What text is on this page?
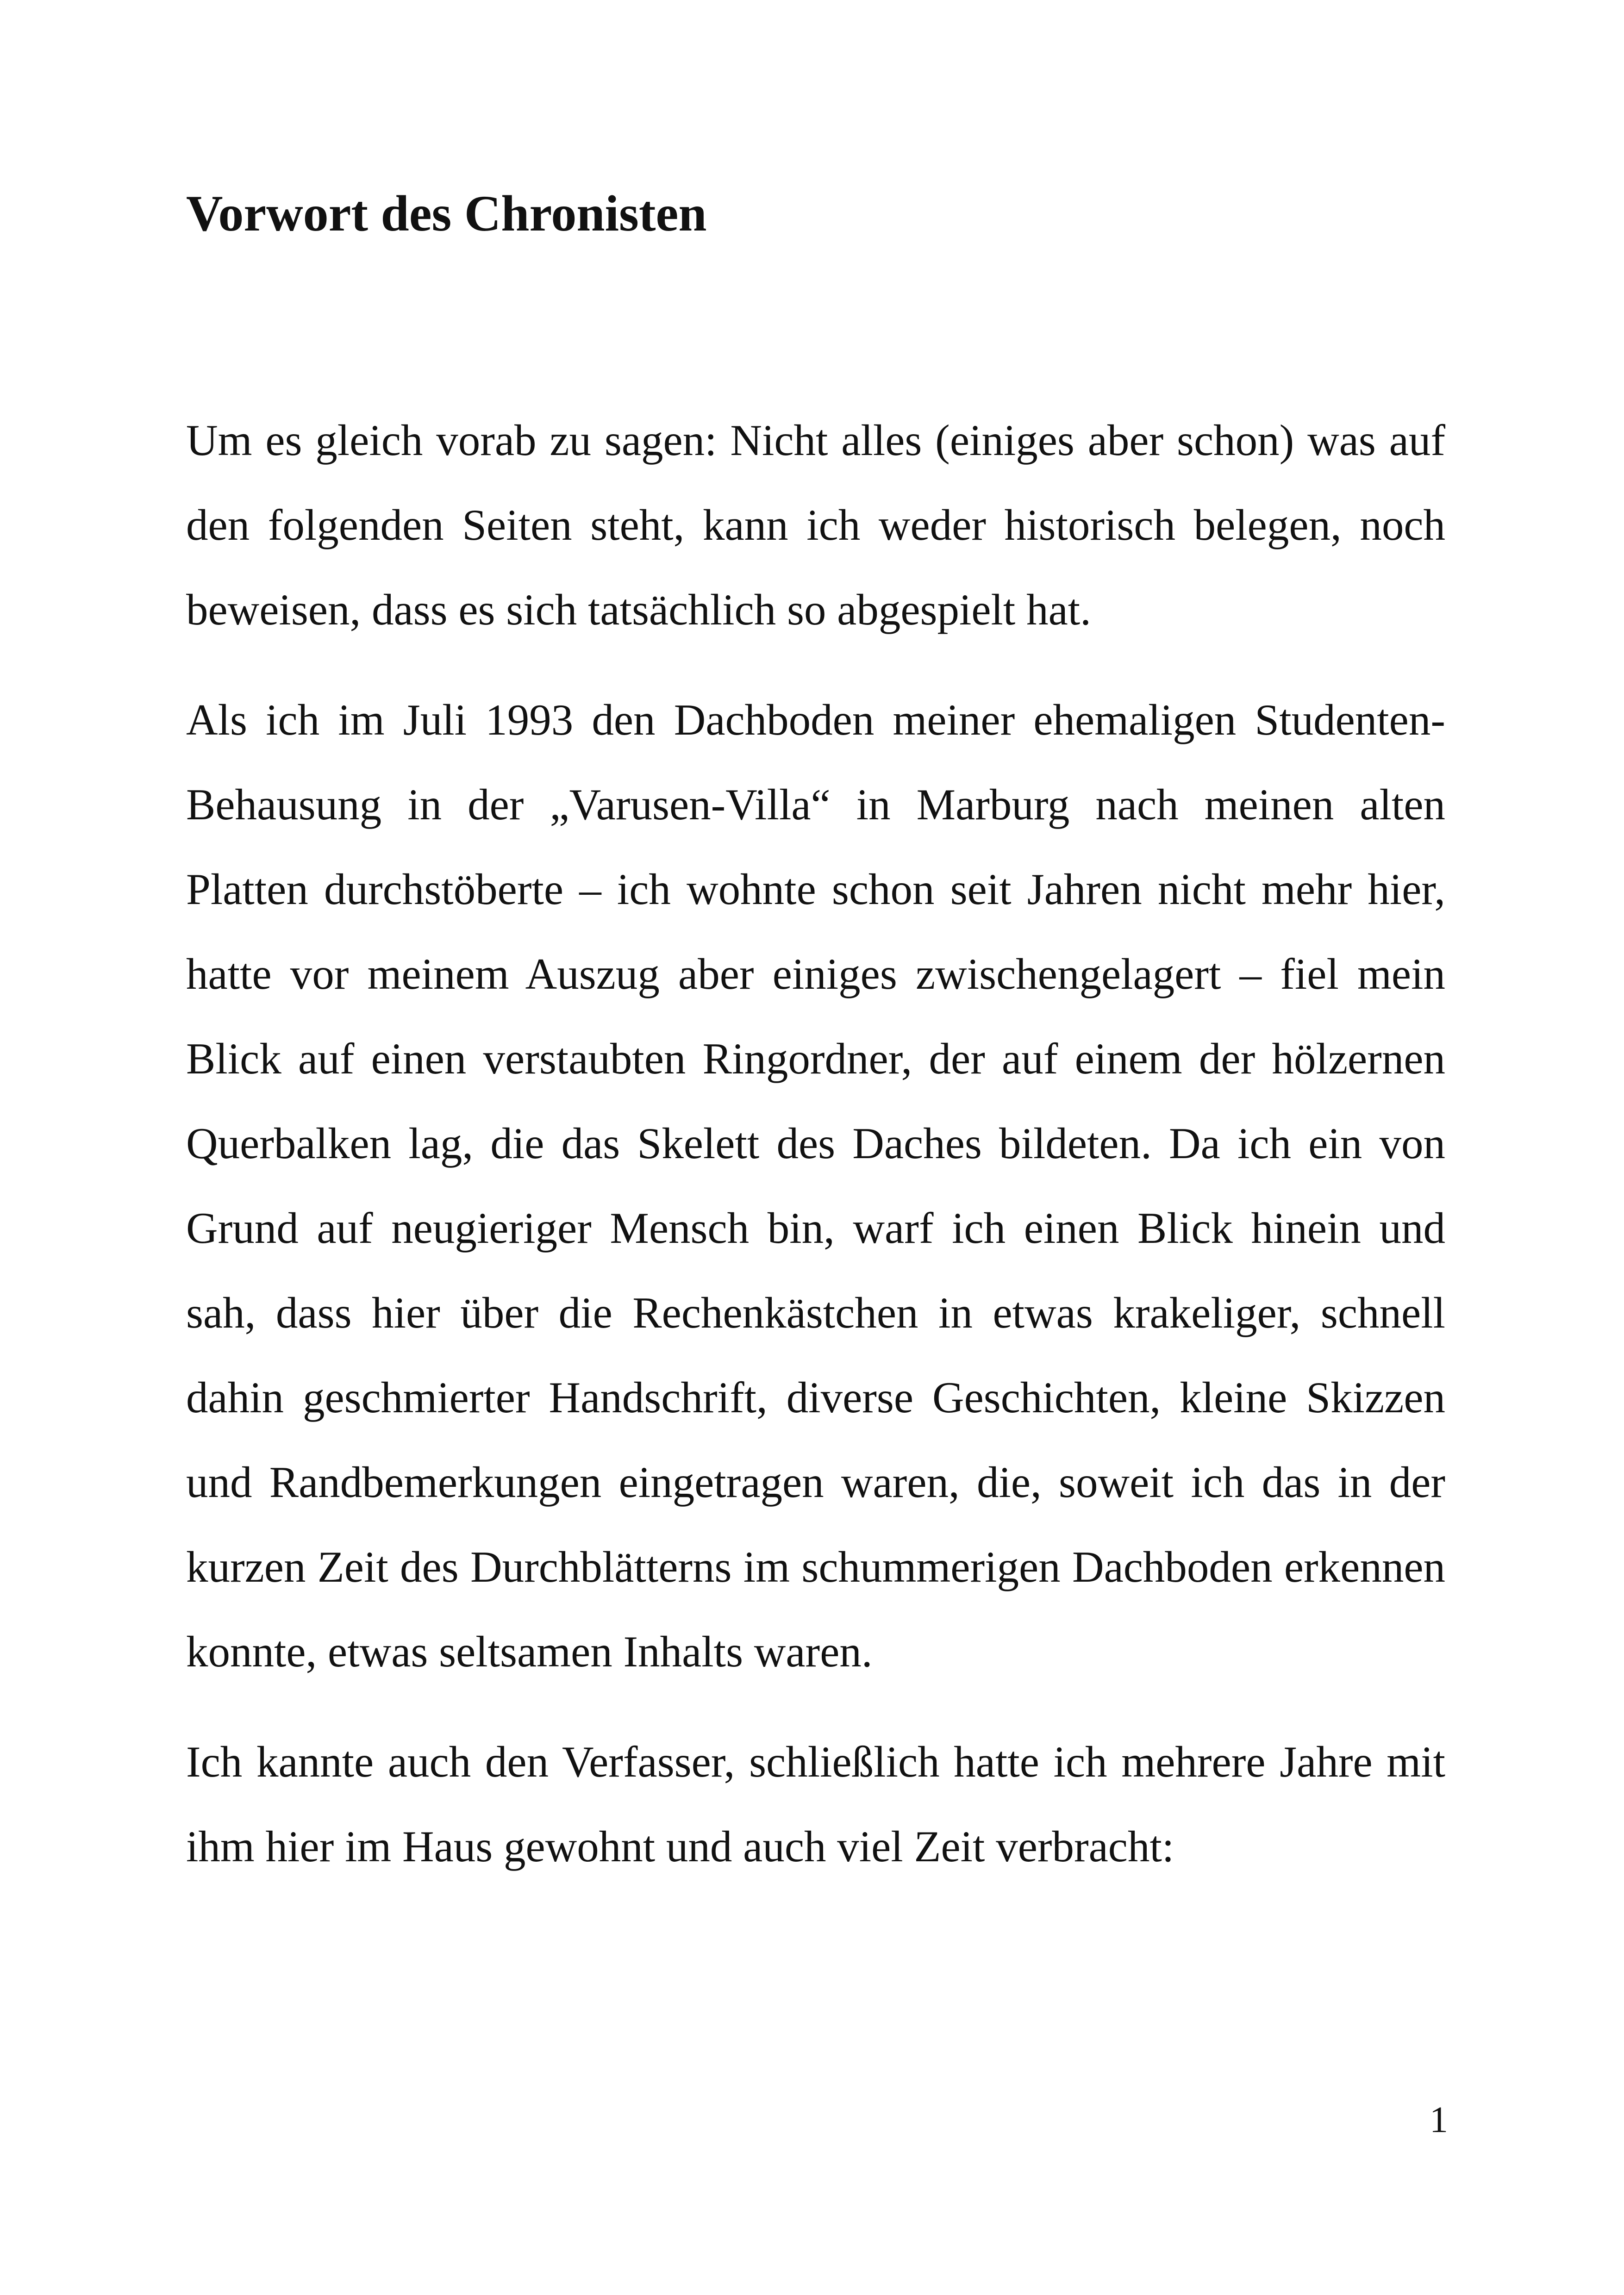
Vorwort des Chronisten

Um es gleich vorab zu sagen: Nicht alles (einiges aber schon) was auf den folgenden Seiten steht, kann ich weder historisch belegen, noch beweisen, dass es sich tatsächlich so abgespielt hat.

Als ich im Juli 1993 den Dachboden meiner ehemaligen Studenten-Behausung in der „Varusen-Villa“ in Marburg nach meinen alten Platten durchstöberte – ich wohnte schon seit Jahren nicht mehr hier, hatte vor meinem Auszug aber einiges zwischengelagert – fiel mein Blick auf einen verstaubten Ringordner, der auf einem der hölzernen Querbalken lag, die das Skelett des Daches bildeten. Da ich ein von Grund auf neugieriger Mensch bin, warf ich einen Blick hinein und sah, dass hier über die Rechenkästchen in etwas krakeliger, schnell dahin geschmierter Handschrift, diverse Geschichten, kleine Skizzen und Randbemerkungen eingetragen waren, die, soweit ich das in der kurzen Zeit des Durchblätterns im schummerigen Dachboden erkennen konnte, etwas seltsamen Inhalts waren.

Ich kannte auch den Verfasser, schließlich hatte ich mehrere Jahre mit ihm hier im Haus gewohnt und auch viel Zeit verbracht:

1
